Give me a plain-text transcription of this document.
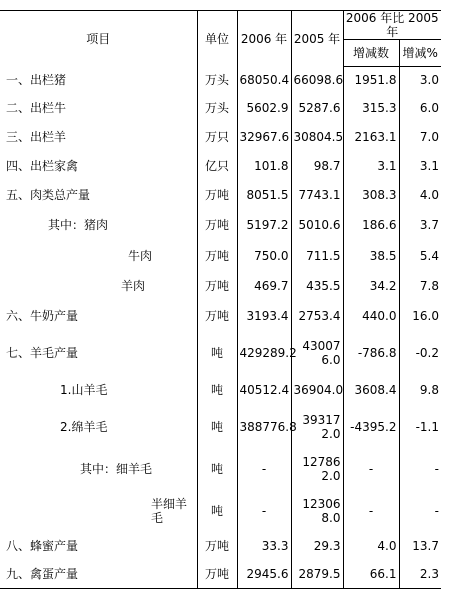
项目	单位	2006 年	2005 年	2006 年比 2005 年	
				增减数	增减%
一、出栏猪	万头	68050.4	66098.6	1951.8	3.0
二、出栏牛	万头	5602.9	5287.6	315.3	6.0
三、出栏羊	万只	32967.6	30804.5	2163.1	7.0
四、出栏家禽	亿只	101.8	98.7	3.1	3.1
五、肉类总产量	万吨	8051.5	7743.1	308.3	4.0
其中：猪肉	万吨	5197.2	5010.6	186.6	3.7
牛肉	万吨	750.0	711.5	38.5	5.4
羊肉	万吨	469.7	435.5	34.2	7.8
六、牛奶产量	万吨	3193.4	2753.4	440.0	16.0
七、羊毛产量	吨	429289.2	430076.0	-786.8	-0.2
1.山羊毛	吨	40512.4	36904.0	3608.4	9.8
2.绵羊毛	吨	388776.8	393172.0	-4395.2	-1.1
其中：细羊毛	吨	-	127862.0	-	-
半细羊毛	吨	-	123068.0	-	-
八、蜂蜜产量	万吨	33.3	29.3	4.0	13.7
九、禽蛋产量	万吨	2945.6	2879.5	66.1	2.3
